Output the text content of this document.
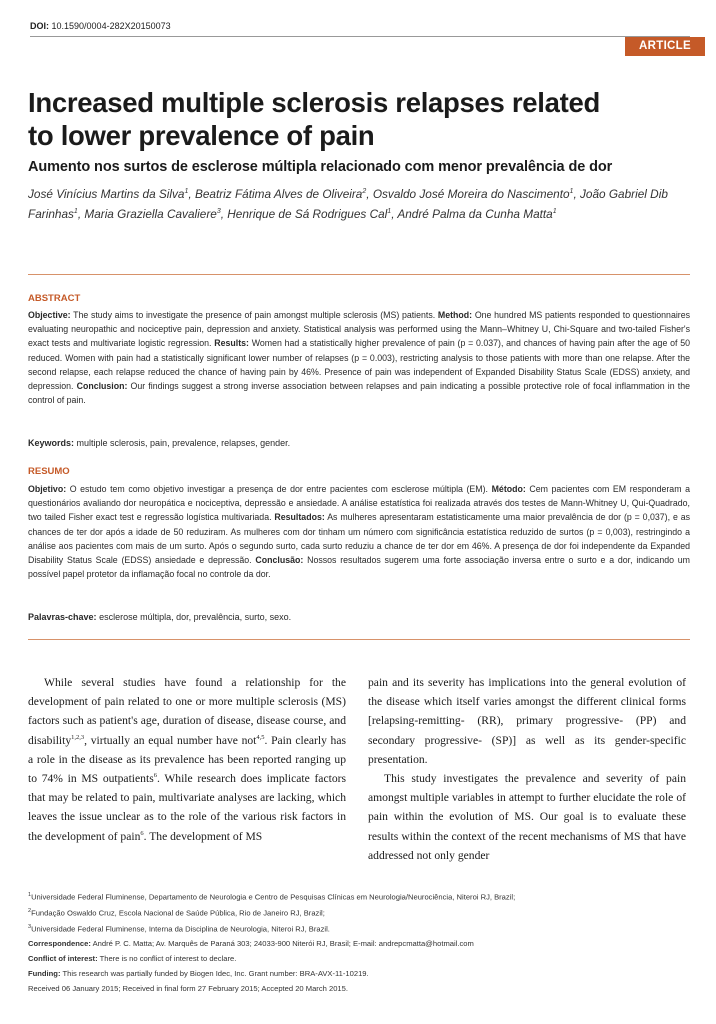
DOI: 10.1590/0004-282X20150073
ARTICLE
Increased multiple sclerosis relapses related
to lower prevalence of pain
Aumento nos surtos de esclerose múltipla relacionado com menor prevalência de dor
José Vinícius Martins da Silva$^1$, Beatriz Fátima Alves de Oliveira$^2$, Osvaldo José Moreira do Nascimento$^1$, João Gabriel Dib Farinhas$^1$, Maria Graziella Cavaliere$^3$, Henrique de Sá Rodrigues Cal$^1$, André Palma da Cunha Matta$^1$
ABSTRACT
Objective: The study aims to investigate the presence of pain amongst multiple sclerosis (MS) patients. Method: One hundred MS patients responded to questionnaires evaluating neuropathic and nociceptive pain, depression and anxiety. Statistical analysis was performed using the Mann–Whitney U, Chi-Square and two-tailed Fisher's exact tests and multivariate logistic regression. Results: Women had a statistically higher prevalence of pain (p = 0.037), and chances of having pain after the age of 50 reduced. Women with pain had a statistically significant lower number of relapses (p = 0.003), restricting analysis to those patients with more than one relapse. After the second relapse, each relapse reduced the chance of having pain by 46%. Presence of pain was independent of Expanded Disability Status Scale (EDSS) anxiety, and depression. Conclusion: Our findings suggest a strong inverse association between relapses and pain indicating a possible protective role of focal inflammation in the control of pain.
Keywords: multiple sclerosis, pain, prevalence, relapses, gender.
RESUMO
Objetivo: O estudo tem como objetivo investigar a presença de dor entre pacientes com esclerose múltipla (EM). Método: Cem pacientes com EM responderam a questionários avaliando dor neuropática e nociceptiva, depressão e ansiedade. A análise estatística foi realizada através dos testes de Mann-Whitney U, Qui-Quadrado, two tailed Fisher exact test e regressão logística multivariada. Resultados: As mulheres apresentaram estatisticamente uma maior prevalência de dor (p = 0,037), e as chances de ter dor após a idade de 50 reduziram. As mulheres com dor tinham um número com significância estatística reduzido de surtos (p = 0,003), restringindo a análise aos pacientes com mais de um surto. Após o segundo surto, cada surto reduziu a chance de ter dor em 46%. A presença de dor foi independente da Expanded Disability Status Scale (EDSS) ansiedade e depressão. Conclusão: Nossos resultados sugerem uma forte associação inversa entre o surto e a dor, indicando um possível papel protetor da inflamação focal no controle da dor.
Palavras-chave: esclerose múltipla, dor, prevalência, surto, sexo.

While several studies have found a relationship for the development of pain related to one or more multiple sclerosis (MS) factors such as patient's age, duration of disease, disease course, and disability$^{1,2,3}$, virtually an equal number have not$^{4,5}$. Pain clearly has a role in the disease as its prevalence has been reported ranging up to 74% in MS outpatients$^6$. While research does implicate factors that may be related to pain, multivariate analyses are lacking, which leaves the issue unclear as to the role of the various risk factors in the development of pain$^6$. The development of MS

pain and its severity has implications into the general evolution of the disease which itself varies amongst the different clinical forms [relapsing-remitting- (RR), primary progressive- (PP) and secondary progressive- (SP)] as well as its gender-specific presentation.

This study investigates the prevalence and severity of pain amongst multiple variables in attempt to further elucidate the role of pain within the evolution of MS. Our goal is to evaluate these results within the context of the recent mechanisms of MS that have addressed not only gender

$^1$Universidade Federal Fluminense, Departamento de Neurologia e Centro de Pesquisas Clínicas em Neurologia/Neurociência, Niteroi RJ, Brazil;
$^2$Fundação Oswaldo Cruz, Escola Nacional de Saúde Pública, Rio de Janeiro RJ, Brazil;
$^3$Universidade Federal Fluminense, Interna da Disciplina de Neurologia, Niteroi RJ, Brazil.
Correspondence: André P. C. Matta; Av. Marquês de Paraná 303; 24033-900 Niterói RJ, Brasil; E-mail: andrepcmatta@hotmail.com
Conflict of interest: There is no conflict of interest to declare.
Funding: This research was partially funded by Biogen Idec, Inc. Grant number: BRA-AVX-11-10219.
Received 06 January 2015; Received in final form 27 February 2015; Accepted 20 March 2015.
